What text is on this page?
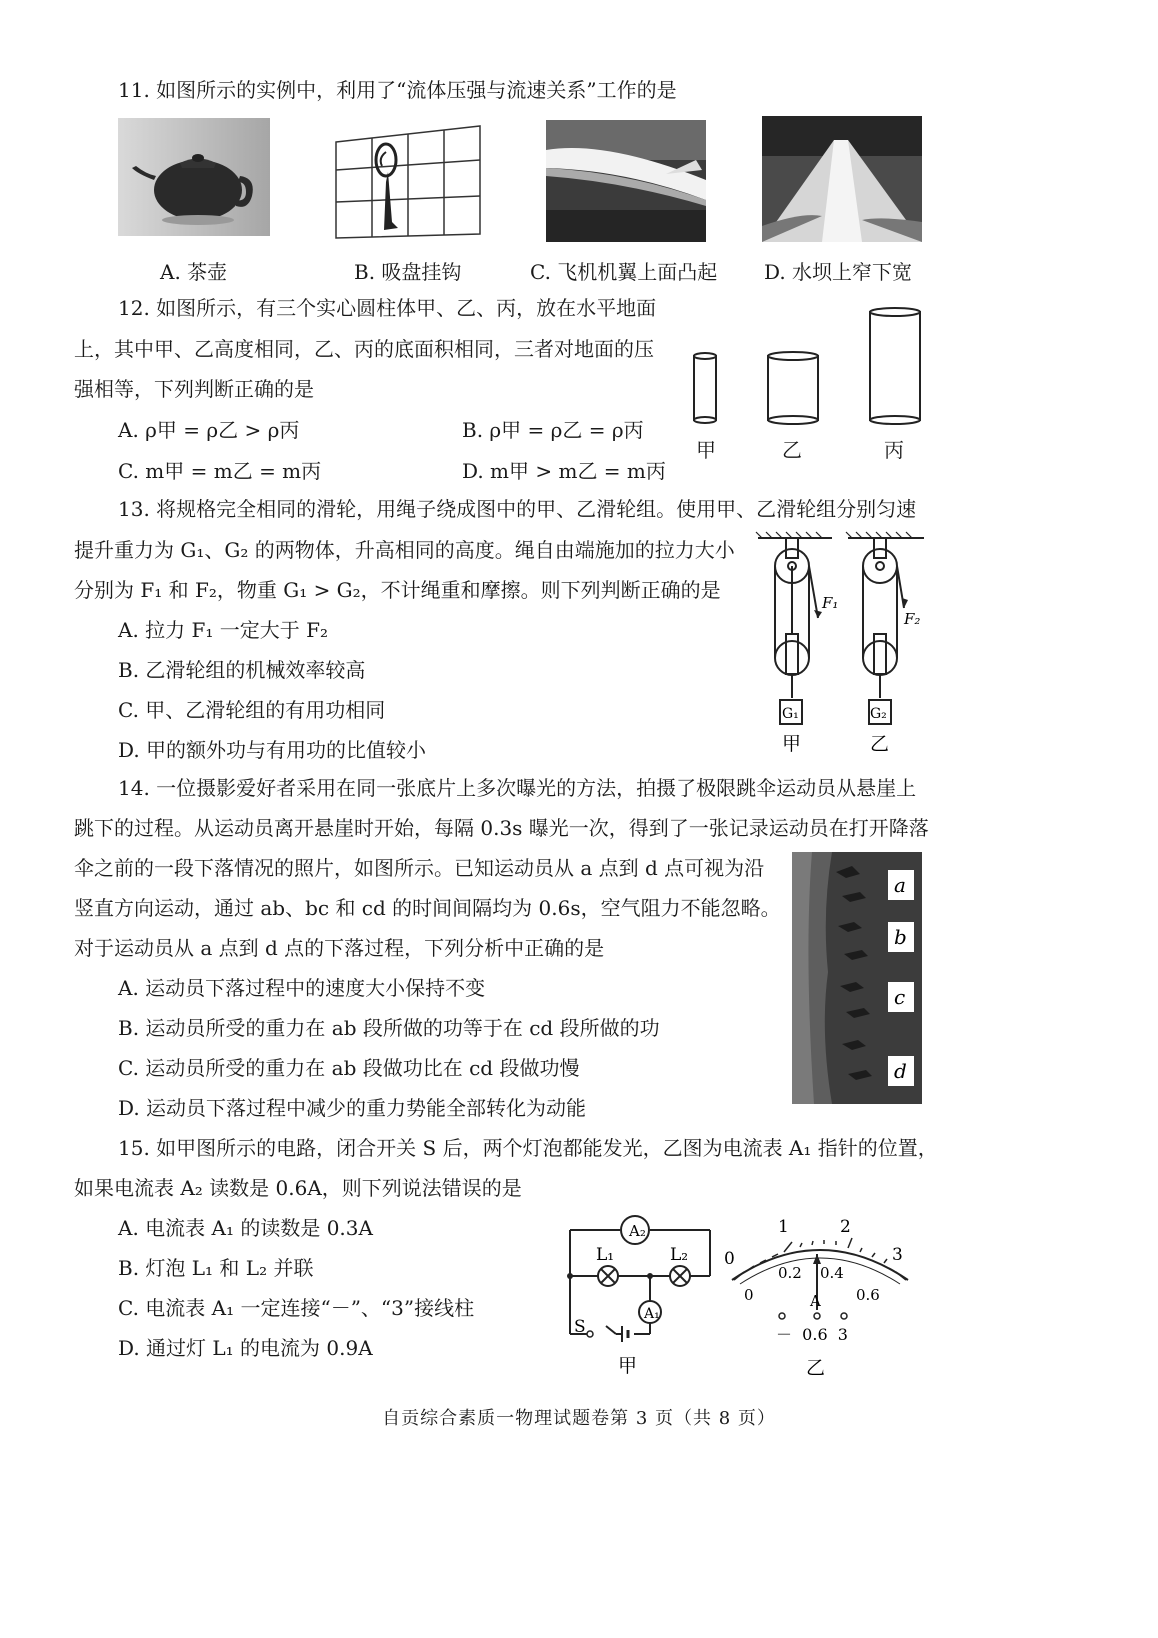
11. 如图所示的实例中，利用了“流体压强与流速关系”工作的是
A. 茶壶	B. 吸盘挂钩	C. 飞机机翼上面凸起 D. 水坝上窄下宽
12. 如图所示，有三个实心圆柱体甲、乙、丙，放在水平地面
上，其中甲、乙高度相同，乙、丙的底面积相同，三者对地面的压
强相等，下列判断正确的是
A. ρ甲 = ρ乙 > ρ丙	B. ρ甲 = ρ乙 = ρ丙
C. m甲 = m乙 = m丙	D. m甲 > m乙 = m丙
甲	乙	丙
13. 将规格完全相同的滑轮，用绳子绕成图中的甲、乙滑轮组。使用甲、乙滑轮组分别匀速
提升重力为 G₁、G₂ 的两物体，升高相同的高度。绳自由端施加的拉力大小
分别为 F₁ 和 F₂，物重 G₁ > G₂，不计绳重和摩擦。则下列判断正确的是
A. 拉力 F₁ 一定大于 F₂
B. 乙滑轮组的机械效率较高
C. 甲、乙滑轮组的有用功相同
D. 甲的额外功与有用功的比值较小
F₁
F₂
G₁	G₂
甲	乙
14. 一位摄影爱好者采用在同一张底片上多次曝光的方法，拍摄了极限跳伞运动员从悬崖上
跳下的过程。从运动员离开悬崖时开始，每隔 0.3s 曝光一次，得到了一张记录运动员在打开降落
伞之前的一段下落情况的照片，如图所示。已知运动员从 a 点到 d 点可视为沿
竖直方向运动，通过 ab、bc 和 cd 的时间间隔均为 0.6s，空气阻力不能忽略。
对于运动员从 a 点到 d 点的下落过程，下列分析中正确的是
A. 运动员下落过程中的速度大小保持不变
B. 运动员所受的重力在 ab 段所做的功等于在 cd 段所做的功
C. 运动员所受的重力在 ab 段做功比在 cd 段做功慢
D. 运动员下落过程中减少的重力势能全部转化为动能
a
b
c
d
15. 如甲图所示的电路，闭合开关 S 后，两个灯泡都能发光，乙图为电流表 A₁ 指针的位置，
如果电流表 A₂ 读数是 0.6A，则下列说法错误的是
A. 电流表 A₁ 的读数是 0.3A
B. 灯泡 L₁ 和 L₂ 并联
C. 电流表 A₁ 一定连接“－”、“3”接线柱
D. 通过灯 L₁ 的电流为 0.9A
A₂
A₁
L₁	L₂
S
甲
0
1	2
3
0
0.2 0.4
0.6
A
－  0.6  3
乙
自贡综合素质一物理试题卷第 3 页（共 8 页）
